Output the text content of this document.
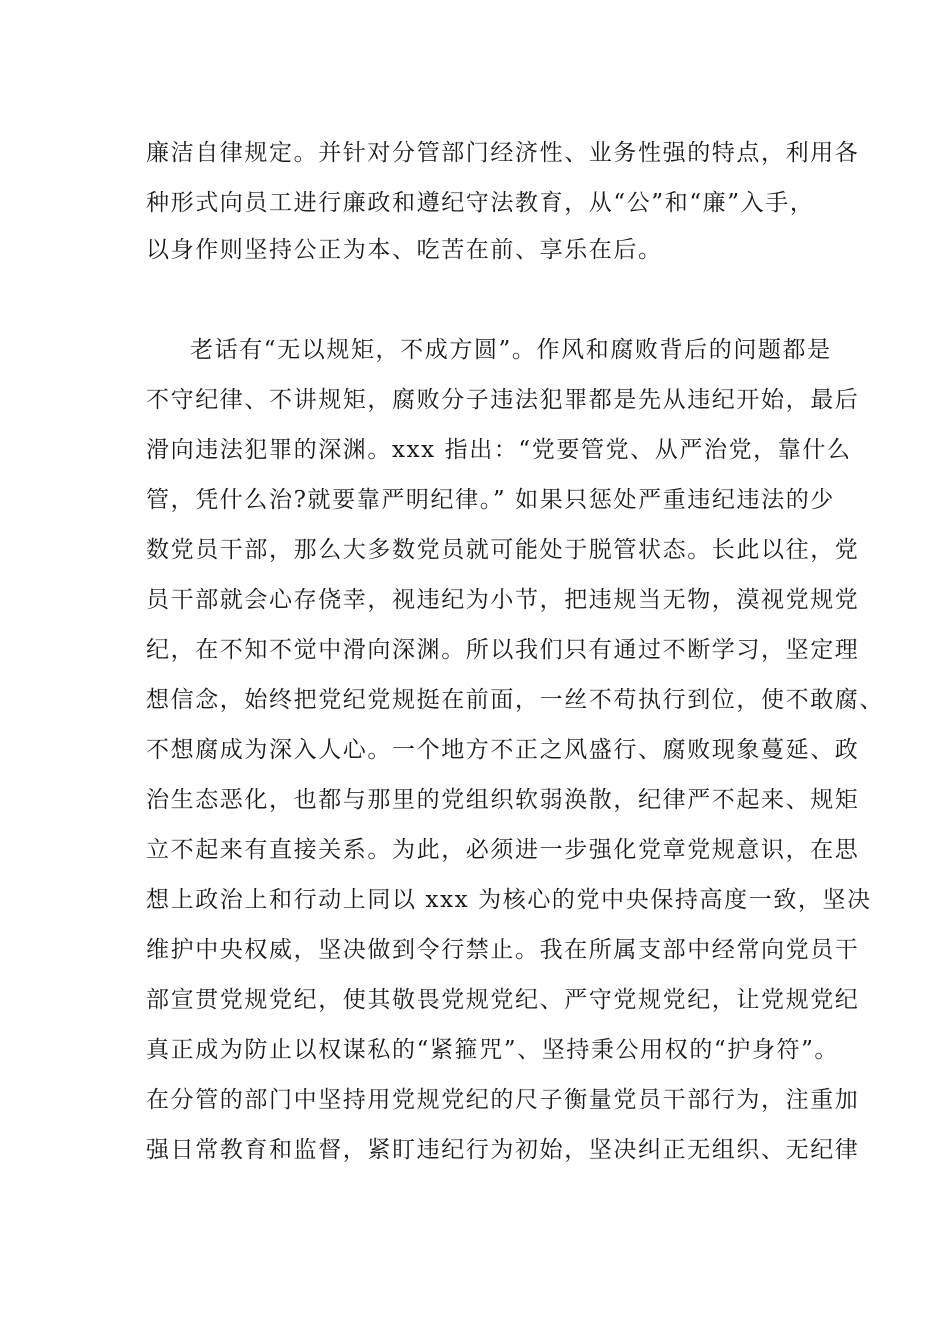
廉洁自律规定。并针对分管部门经济性、业务性强的特点，利用各

种形式向员工进行廉政和遵纪守法教育，从“公”和“廉”入手，

以身作则坚持公正为本、吃苦在前、享乐在后。

老话有“无以规矩，不成方圆”。作风和腐败背后的问题都是

不守纪律、不讲规矩，腐败分子违法犯罪都是先从违纪开始，最后

滑向违法犯罪的深渊。xxx 指出：“党要管党、从严治党，靠什么

管，凭什么治?就要靠严明纪律。” 如果只惩处严重违纪违法的少

数党员干部，那么大多数党员就可能处于脱管状态。长此以往，党

员干部就会心存侥幸，视违纪为小节，把违规当无物，漠视党规党

纪，在不知不觉中滑向深渊。所以我们只有通过不断学习，坚定理

想信念，始终把党纪党规挺在前面，一丝不苟执行到位，使不敢腐、

不想腐成为深入人心。一个地方不正之风盛行、腐败现象蔓延、政

治生态恶化，也都与那里的党组织软弱涣散，纪律严不起来、规矩

立不起来有直接关系。为此，必须进一步强化党章党规意识，在思

想上政治上和行动上同以 xxx 为核心的党中央保持高度一致，坚决

维护中央权威，坚决做到令行禁止。我在所属支部中经常向党员干

部宣贯党规党纪，使其敬畏党规党纪、严守党规党纪，让党规党纪

真正成为防止以权谋私的“紧箍咒”、坚持秉公用权的“护身符”。

在分管的部门中坚持用党规党纪的尺子衡量党员干部行为，注重加

强日常教育和监督，紧盯违纪行为初始，坚决纠正无组织、无纪律
